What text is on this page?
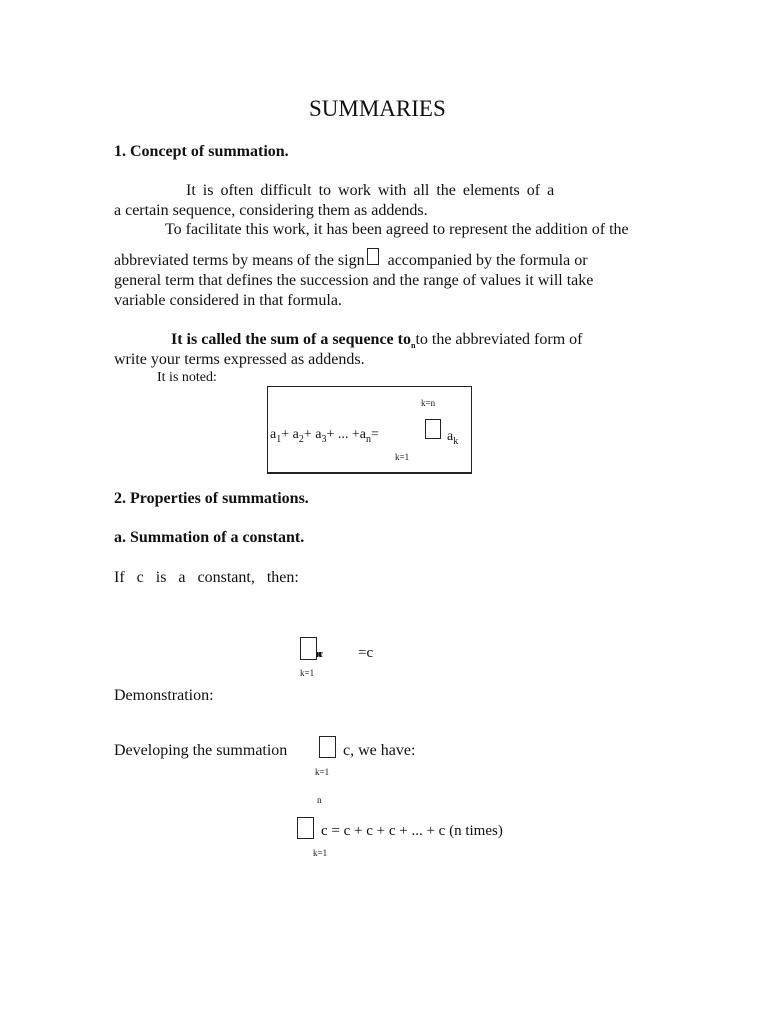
SUMMARIES
1. Concept of summation.
It is often difficult to work with all the elements of a
a certain sequence, considering them as addends.
To facilitate this work, it has been agreed to represent the addition of the
abbreviated terms by means of the sign accompanied by the formula or
general term that defines the succession and the range of values it will take
variable considered in that formula.
It is called the sum of a sequence $to_nto$ the abbreviated form of
write your terms expressed as addends.
It is noted:
k=n
$a_1+ a_2+ a_3+$ ... $+a_n=$	$a_k$
k=1
2. Properties of summations.
a. Summation of a constant.
If   c   is   a   constant,   then:
nc	=c
k=1
Demonstration:
Developing the summation	c, we have:
k=1
n
c = c + c + c + ... + c (n times)
k=1
